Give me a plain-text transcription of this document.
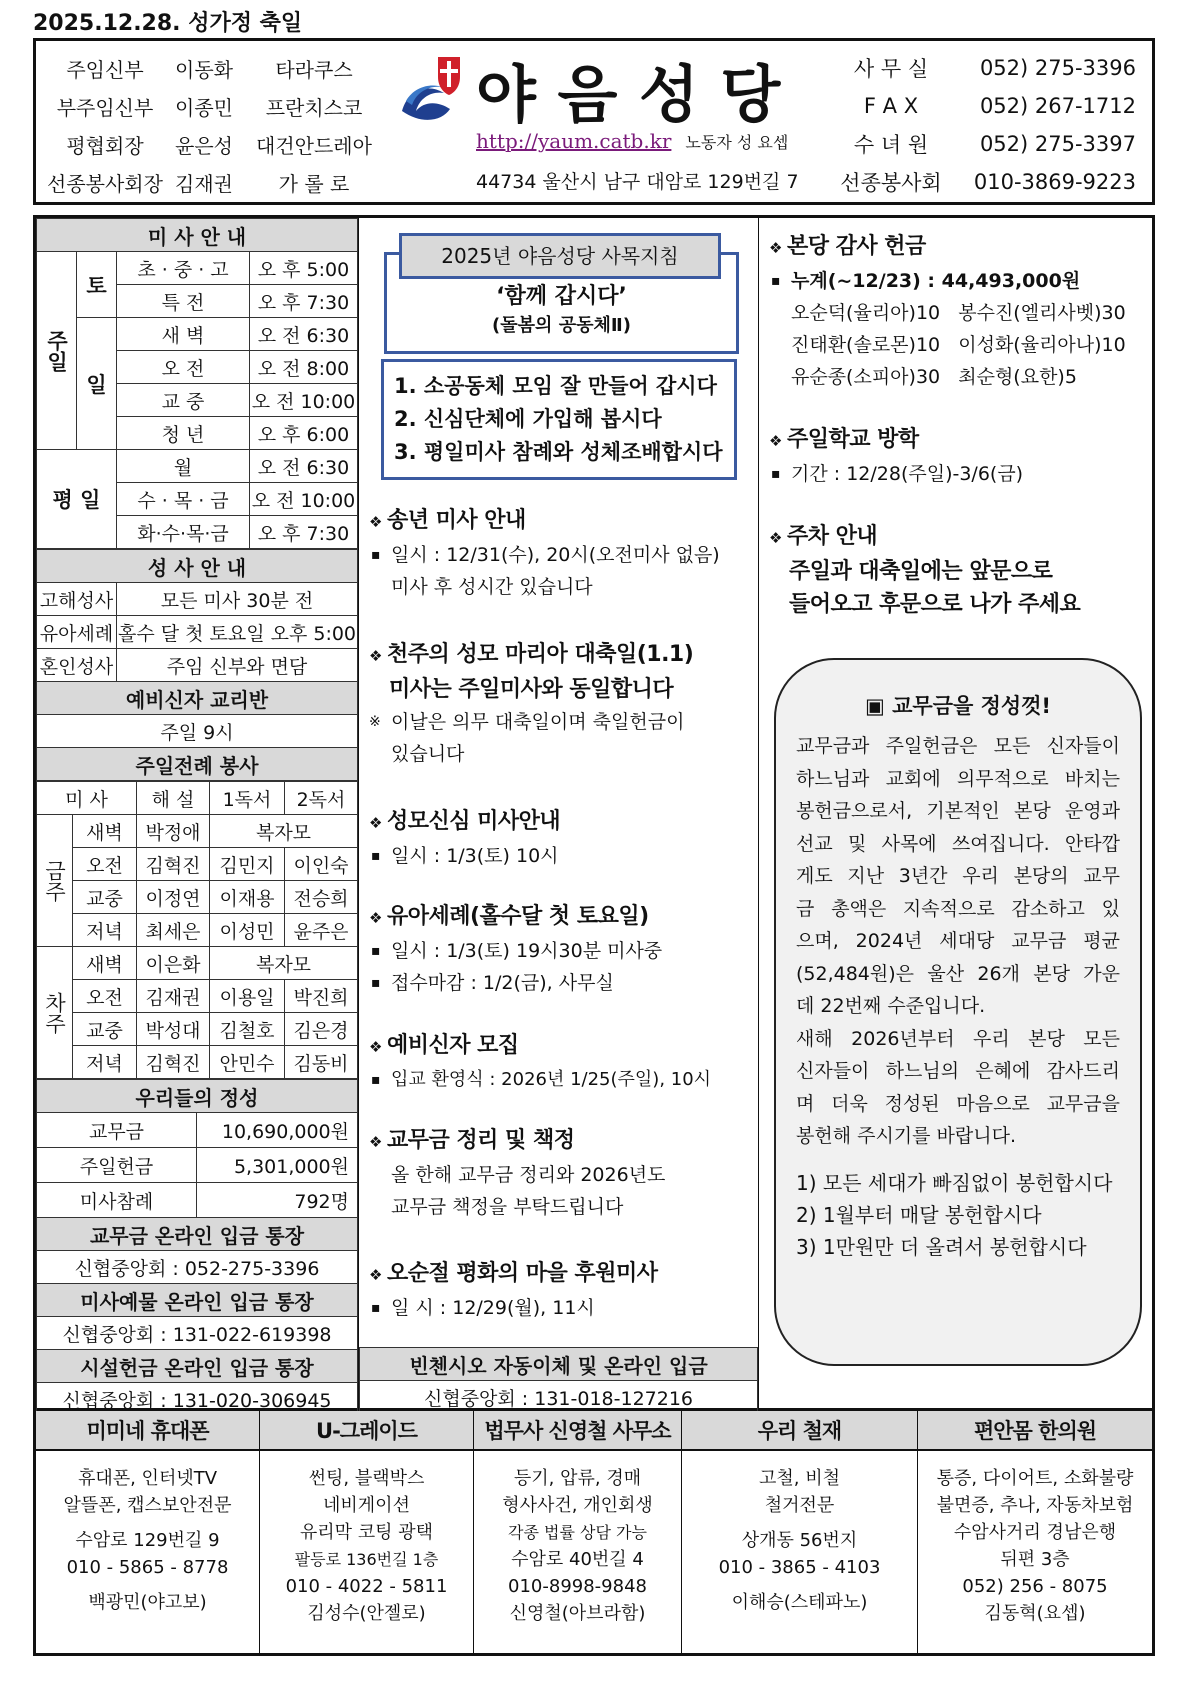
2025.12.28. 성가정 축일
주임신부	이동화	타라쿠스
부주임신부	이종민	프란치스코
평협회장	윤은성	대건안드레아
선종봉사회장 김재권	가 롤 로
야 음 성 당
http://yaum.catb.kr 노동자 성 요셉
44734 울산시 남구 대암로 129번길 7
사 무 실	052) 275-3396
F A X	052) 267-1712
수 녀 원	052) 275-3397
선종봉사회	010-3869-9223
미 사 안 내			
주일	토	초 · 중 · 고	오 후 5:00
		특 전	오 후 7:30
	일	새 벽	오 전 6:30
		오 전	오 전 8:00
		교 중	오 전 10:00
		청 년	오 후 6:00
평 일		월	오 전 6:30
		수 · 목 · 금	오 전 10:00
		화·수·목·금	오 후 7:30
성 사 안 내	
고해성사	모든 미사 30분 전
유아세례	홀수 달 첫 토요일 오후 5:00
혼인성사	주임 신부와 면담
예비신자 교리반	
주일 9시	
주일전례 봉사	
미 사		해 설	1독서	2독서
금주	새벽	박정애	복자모	
	오전	김혁진	김민지	이인숙
	교중	이정연	이재용	전승희
	저녁	최세은	이성민	윤주은
차주	새벽	이은화	복자모	
	오전	김재권	이용일	박진희
	교중	박성대	김철호	김은경
	저녁	김혁진	안민수	김동비
우리들의 정성	
교무금	10,690,000원
주일헌금	5,301,000원
미사참례	792명
교무금 온라인 입금 통장	
신협중앙회 : 052-275-3396	
미사예물 온라인 입금 통장	
신협중앙회 : 131-022-619398	
시설헌금 온라인 입금 통장	
신협중앙회 : 131-020-306945	
‘함께 갑시다’
(돌봄의 공동체Ⅱ)
2025년 야음성당 사목지침
1. 소공동체 모임 잘 만들어 갑시다
2. 신심단체에 가입해 봅시다
3. 평일미사 참례와 성체조배합시다
❖ 송년 미사 안내
▪ 일시 : 12/31(수), 20시(오전미사 없음)
미사 후 성시간 있습니다
❖ 천주의 성모 마리아 대축일(1.1)
미사는 주일미사와 동일합니다
※ 이날은 의무 대축일이며 축일헌금이
있습니다
❖ 성모신심 미사안내
▪ 일시 : 1/3(토) 10시
❖ 유아세례(홀수달 첫 토요일)
▪ 일시 : 1/3(토) 19시30분 미사중
▪ 접수마감 : 1/2(금), 사무실
❖ 예비신자 모집
▪ 입교 환영식 : 2026년 1/25(주일), 10시
❖ 교무금 정리 및 책정
올 한해 교무금 정리와 2026년도
교무금 책정을 부탁드립니다
❖ 오순절 평화의 마을 후원미사
▪ 일 시 : 12/29(월), 11시
빈첸시오 자동이체 및 온라인 입금
신협중앙회 : 131-018-127216
❖ 본당 감사 헌금
▪ 누계(~12/23) : 44,493,000원
오순덕(율리아)10   봉수진(엘리사벳)30
진태환(솔로몬)10   이성화(율리아나)10
유순종(소피아)30   최순형(요한)5
❖ 주일학교 방학
▪ 기간 : 12/28(주일)-3/6(금)
❖ 주차 안내
주일과 대축일에는 앞문으로
들어오고 후문으로 나가 주세요
▣ 교무금을 정성껏!
교무금과 주일헌금은 모든 신자들이
하느님과 교회에 의무적으로 바치는
봉헌금으로서, 기본적인 본당 운영과
선교 및 사목에 쓰여집니다. 안타깝
게도 지난 3년간 우리 본당의 교무
금 총액은 지속적으로 감소하고 있
으며, 2024년 세대당 교무금 평균
(52,484원)은 울산 26개 본당 가운
데 22번째 수준입니다.
새해 2026년부터 우리 본당 모든
신자들이 하느님의 은혜에 감사드리
며 더욱 정성된 마음으로 교무금을
봉헌해 주시기를 바랍니다.
1) 모든 세대가 빠짐없이 봉헌합시다
2) 1월부터 매달 봉헌합시다
3) 1만원만 더 올려서 봉헌합시다
미미네 휴대폰
휴대폰, 인터넷TV
알뜰폰, 캡스보안전문
수암로 129번길 9
010 - 5865 - 8778
백광민(야고보)
U-그레이드
썬팅, 블랙박스
네비게이션
유리막 코팅 광택
팔등로 136번길 1층
010 - 4022 - 5811
김성수(안젤로)
법무사 신영철 사무소
등기, 압류, 경매
형사사건, 개인회생
각종 법률 상담 가능
수암로 40번길 4
010-8998-9848
신영철(아브라함)
우리 철재
고철, 비철
철거전문
상개동 56번지
010 - 3865 - 4103
이해승(스테파노)
편안몸 한의원
통증, 다이어트, 소화불량
불면증, 추나, 자동차보험
수암사거리 경남은행
뒤편 3층
052) 256 - 8075
김동혁(요셉)
